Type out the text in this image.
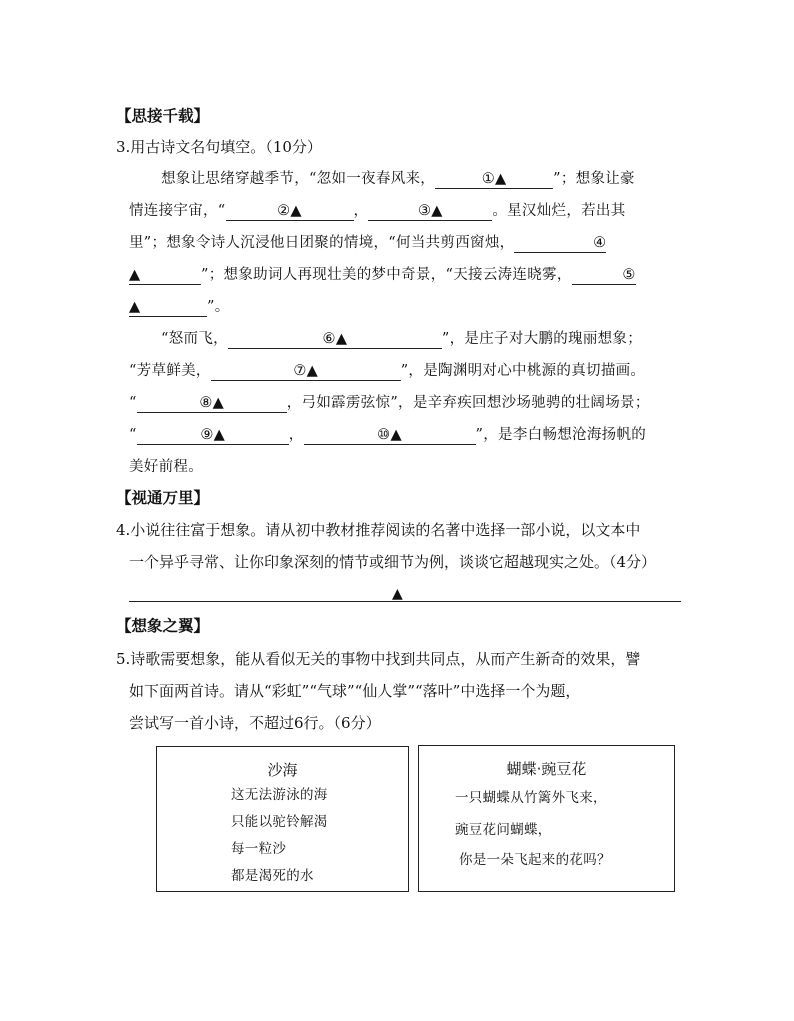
【思接千载】
3.用古诗文名句填空。（10分）
想象让思绪穿越季节，“忽如一夜春风来，	①▲	”；想象让豪
情连接宇宙，“	②▲	，	③▲	。星汉灿烂，若出其
里”；想象令诗人沉浸他日团聚的情境，“何当共剪西窗烛，	④
▲	”；想象助词人再现壮美的梦中奇景，“天接云涛连晓雾，	⑤
▲	”。
“怒而飞，	⑥▲	”，是庄子对大鹏的瑰丽想象；
“芳草鲜美，	⑦▲	”，是陶渊明对心中桃源的真切描画。
“	⑧▲	，弓如霹雳弦惊”，是辛弃疾回想沙场驰骋的壮阔场景；
“	⑨▲	，	⑩▲	”，是李白畅想沧海扬帆的
美好前程。
【视通万里】
4.小说往往富于想象。请从初中教材推荐阅读的名著中选择一部小说，以文本中
一个异乎寻常、让你印象深刻的情节或细节为例，谈谈它超越现实之处。（4分）
▲
【想象之翼】
5.诗歌需要想象，能从看似无关的事物中找到共同点，从而产生新奇的效果，譬
如下面两首诗。请从“彩虹”“气球”“仙人掌”“落叶”中选择一个为题，
尝试写一首小诗，不超过6行。（6分）
沙海
这无法游泳的海
只能以驼铃解渴
每一粒沙
都是渴死的水
蝴蝶·豌豆花
一只蝴蝶从竹篱外飞来，
豌豆花问蝴蝶，
你是一朵飞起来的花吗？
